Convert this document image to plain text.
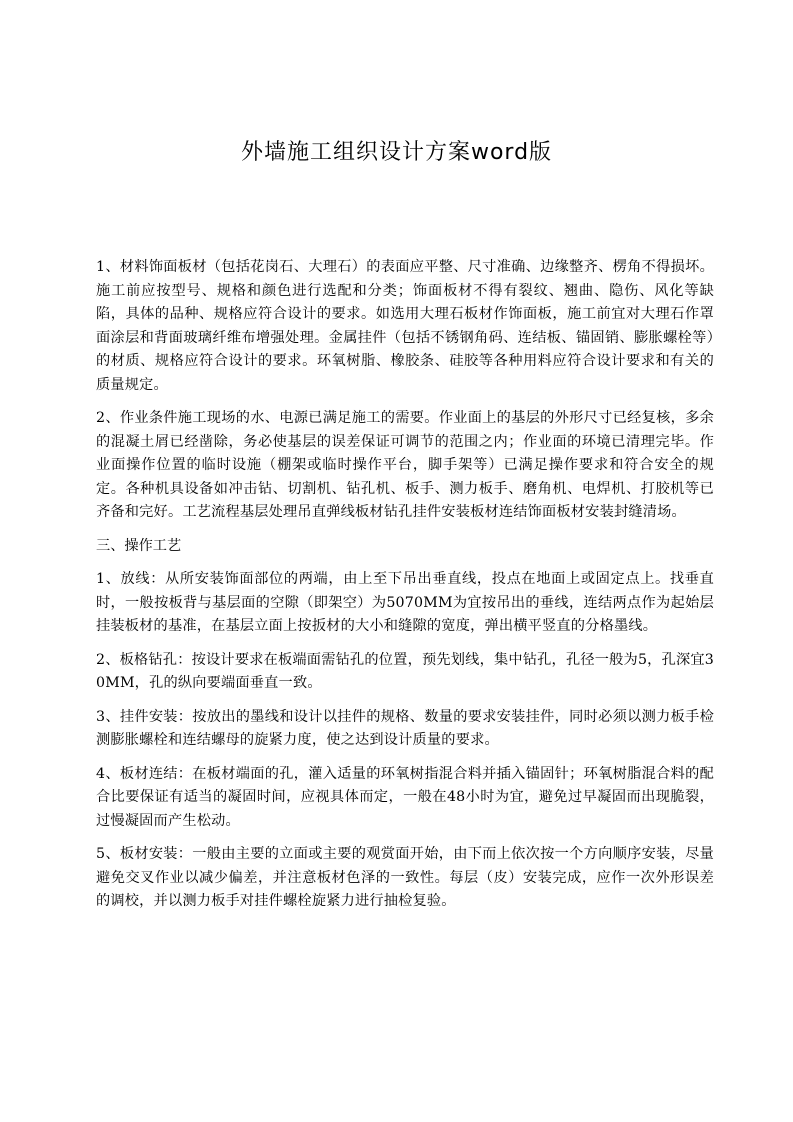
外墙施工组织设计方案word版

1、材料饰面板材（包括花岗石、大理石）的表面应平整、尺寸准确、边缘整齐、楞角不得损坏。施工前应按型号、规格和颜色进行选配和分类；饰面板材不得有裂纹、翘曲、隐伤、风化等缺陷，具体的品种、规格应符合设计的要求。如选用大理石板材作饰面板，施工前宜对大理石作罩面涂层和背面玻璃纤维布增强处理。金属挂件（包括不锈钢角码、连结板、锚固销、膨胀螺栓等）的材质、规格应符合设计的要求。环氧树脂、橡胶条、硅胶等各种用料应符合设计要求和有关的质量规定。

2、作业条件施工现场的水、电源已满足施工的需要。作业面上的基层的外形尺寸已经复核，多余的混凝土屑已经凿除，务必使基层的误差保证可调节的范围之内；作业面的环境已清理完毕。作业面操作位置的临时设施（棚架或临时操作平台，脚手架等）已满足操作要求和符合安全的规定。各种机具设备如冲击钻、切割机、钻孔机、板手、测力板手、磨角机、电焊机、打胶机等已齐备和完好。工艺流程基层处理吊直弹线板材钻孔挂件安装板材连结饰面板材安装封缝清场。

三、操作工艺

1、放线：从所安装饰面部位的两端，由上至下吊出垂直线，投点在地面上或固定点上。找垂直时，一般按板背与基层面的空隙（即架空）为5070MM为宜按吊出的垂线，连结两点作为起始层挂装板材的基准，在基层立面上按扳材的大小和缝隙的宽度，弹出横平竖直的分格墨线。

2、板格钻孔：按设计要求在板端面需钻孔的位置，预先划线，集中钻孔，孔径一般为5，孔深宜30MM，孔的纵向要端面垂直一致。

3、挂件安装：按放出的墨线和设计以挂件的规格、数量的要求安装挂件，同时必须以测力板手检测膨胀螺栓和连结螺母的旋紧力度，使之达到设计质量的要求。

4、板材连结：在板材端面的孔，灌入适量的环氧树指混合料并插入锚固针；环氧树脂混合料的配合比要保证有适当的凝固时间，应视具体而定，一般在48小时为宜，避免过早凝固而出现脆裂，过慢凝固而产生松动。

5、板材安装：一般由主要的立面或主要的观赏面开始，由下而上依次按一个方向顺序安装，尽量避免交叉作业以减少偏差，并注意板材色泽的一致性。每层（皮）安装完成，应作一次外形误差的调校，并以测力板手对挂件螺栓旋紧力进行抽检复验。
